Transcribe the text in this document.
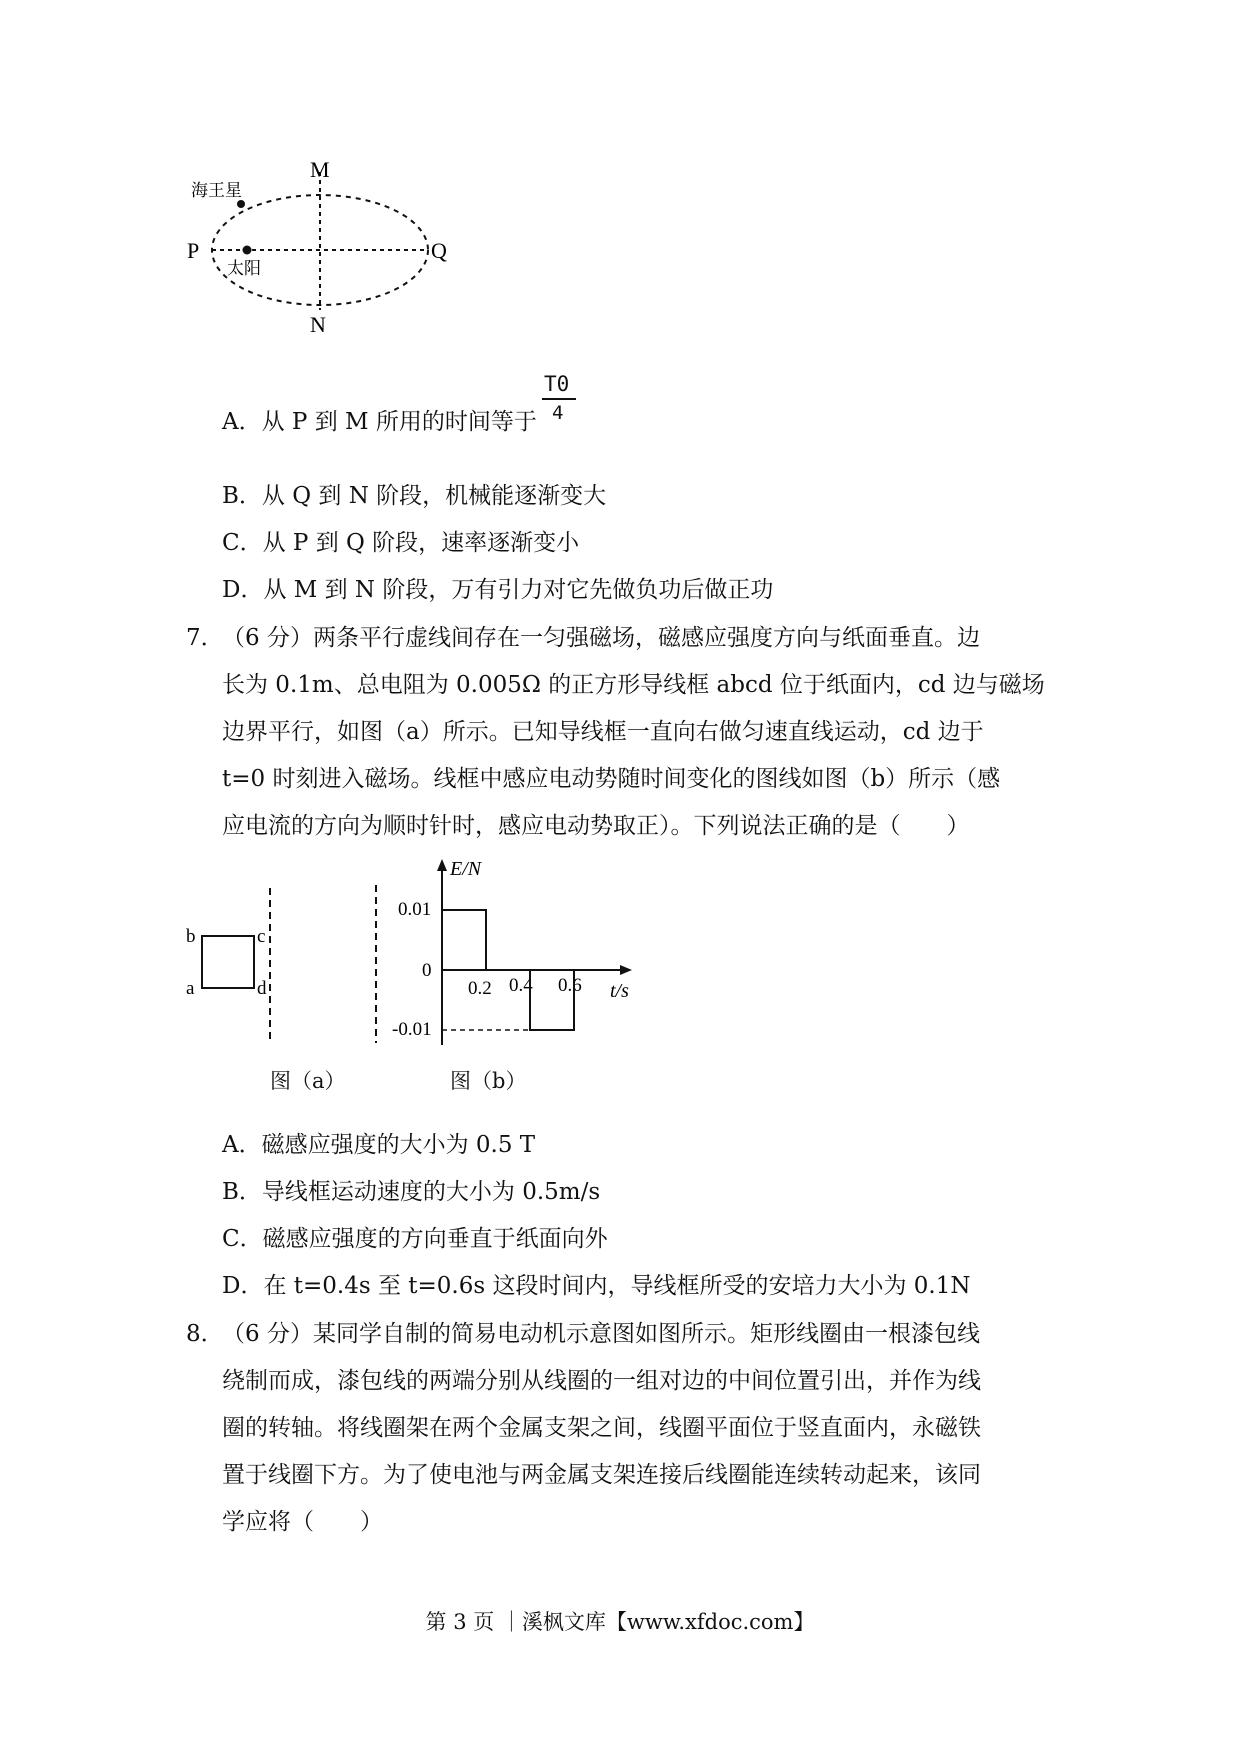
M
N
P	Q
海王星
太阳
A．从 P 到 M 所用的时间等于
T0
4
B．从 Q 到 N 阶段，机械能逐渐变大
C．从 P 到 Q 阶段，速率逐渐变小
D．从 M 到 N 阶段，万有引力对它先做负功后做正功
7．
（6 分）两条平行虚线间存在一匀强磁场，磁感应强度方向与纸面垂直。边
长为 0.1m、总电阻为 0.005Ω 的正方形导线框 abcd 位于纸面内，cd 边与磁场
边界平行，如图（a）所示。已知导线框一直向右做匀速直线运动，cd 边于
t=0 时刻进入磁场。线框中感应电动势随时间变化的图线如图（b）所示（感
应电流的方向为顺时针时，感应电动势取正）。下列说法正确的是（　　）
b
a
c
d
图（a）
E/N
t/s
0.01
0
-0.01
0.2 0.4 0.6
图（b）
A．磁感应强度的大小为 0.5 T
B．导线框运动速度的大小为 0.5m/s
C．磁感应强度的方向垂直于纸面向外
D．在 t=0.4s 至 t=0.6s 这段时间内，导线框所受的安培力大小为 0.1N
8．
（6 分）某同学自制的简易电动机示意图如图所示。矩形线圈由一根漆包线
绕制而成，漆包线的两端分别从线圈的一组对边的中间位置引出，并作为线
圈的转轴。将线圈架在两个金属支架之间，线圈平面位于竖直面内，永磁铁
置于线圈下方。为了使电池与两金属支架连接后线圈能连续转动起来，该同
学应将（　　）
第 3 页 ｜溪枫文库【www.xfdoc.com】
